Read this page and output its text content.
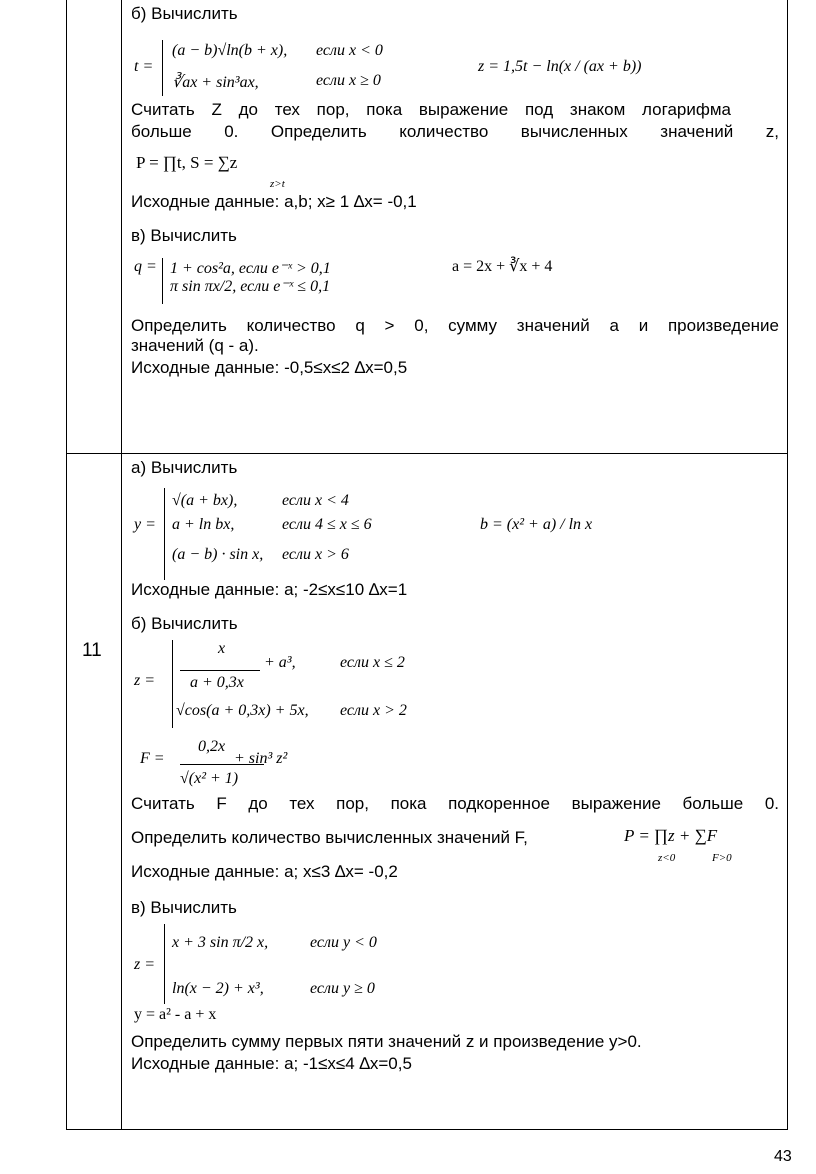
б) Вычислить
t =
(a − b)√ln(b + x), если x < 0
∛ax + sin³ax,	если x ≥ 0
z = 1,5t − ln(x / (ax + b))
Считать Z до тех пор, пока выражение под знаком логарифма
больше 0. Определить количество вычисленных значений z,
P = ∏t, S = ∑z
z>t
Исходные данные: a,b; x≥ 1 ∆x= -0,1
в) Вычислить
q = 1 + cos²a, если e⁻ˣ > 0,1
π sin πx/2, если e⁻ˣ ≤ 0,1
a = 2x + ∛x + 4
Определить количество q > 0, сумму значений a и произведение
значений (q - a).
Исходные данные: -0,5≤x≤2 ∆x=0,5
11
а) Вычислить
y =
√(a + bx),	если x < 4
a + ln bx,	если 4 ≤ x ≤ 6
(a − b) · sin x, если x > 6
b = (x² + a) / ln x
Исходные данные: a; -2≤x≤10 ∆x=1
б) Вычислить
z =
x
a + 0,3x
+ a³,	если x ≤ 2
√cos(a + 0,3x) + 5x, если x > 2
F =
0,2x
√(x² + 1)
+ sin³ z²
Считать F до тех пор, пока подкоренное выражение больше 0.
Определить количество вычисленных значений F,	P = ∏z + ∑F
z<0	F>0
Исходные данные: a; x≤3 ∆x= -0,2
в) Вычислить
z =
x + 3 sin π/2 x,	если y < 0
ln(x − 2) + x³,	если y ≥ 0
y = a² - a + x
Определить сумму первых пяти значений z и произведение y>0.
Исходные данные: a; -1≤x≤4 ∆x=0,5
43
